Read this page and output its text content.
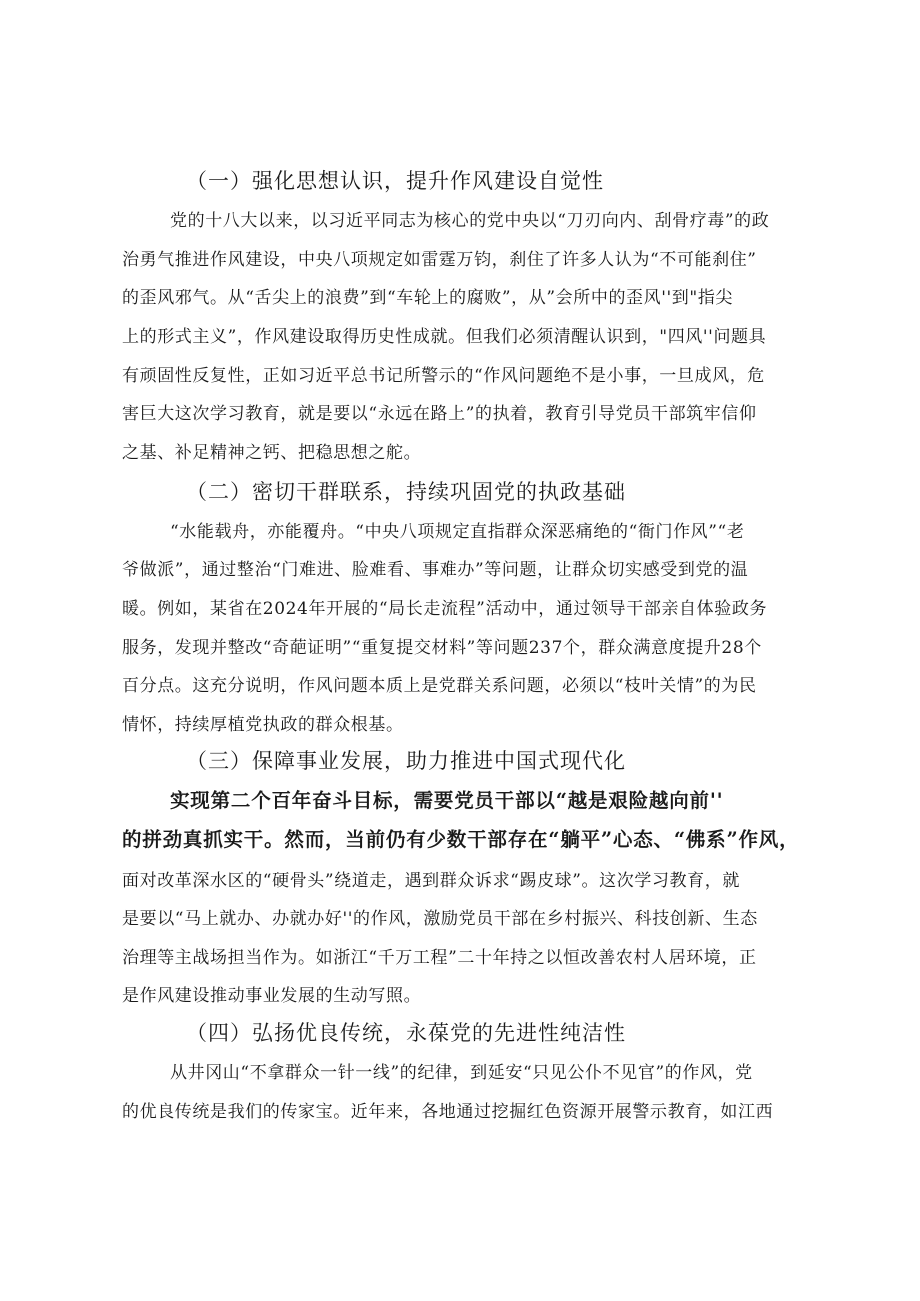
（一）强化思想认识，提升作风建设自觉性
党的十八大以来，以习近平同志为核心的党中央以“刀刃向内、刮骨疗毒”的政
治勇气推进作风建设，中央八项规定如雷霆万钧，刹住了许多人认为“不可能刹住”
的歪风邪气。从“舌尖上的浪费”到“车轮上的腐败”，从”会所中的歪风''到"指尖
上的形式主义”，作风建设取得历史性成就。但我们必须清醒认识到，"四风''问题具
有顽固性反复性，正如习近平总书记所警示的“作风问题绝不是小事，一旦成风，危
害巨大这次学习教育，就是要以“永远在路上”的执着，教育引导党员干部筑牢信仰
之基、补足精神之钙、把稳思想之舵。
（二）密切干群联系，持续巩固党的执政基础
“水能载舟，亦能覆舟。“中央八项规定直指群众深恶痛绝的“衙门作风”“老
爷做派”，通过整治“门难进、脸难看、事难办”等问题，让群众切实感受到党的温
暖。例如，某省在2024年开展的“局长走流程”活动中，通过领导干部亲自体验政务
服务，发现并整改“奇葩证明”“重复提交材料”等问题237个，群众满意度提升28个
百分点。这充分说明，作风问题本质上是党群关系问题，必须以“枝叶关情”的为民
情怀，持续厚植党执政的群众根基。
（三）保障事业发展，助力推进中国式现代化
实现第二个百年奋斗目标，需要党员干部以“越是艰险越向前''
的拼劲真抓实干。然而，当前仍有少数干部存在“躺平”心态、“佛系”作风，
面对改革深水区的“硬骨头”绕道走，遇到群众诉求“踢皮球”。这次学习教育，就
是要以“马上就办、办就办好''的作风，激励党员干部在乡村振兴、科技创新、生态
治理等主战场担当作为。如浙江“千万工程”二十年持之以恒改善农村人居环境，正
是作风建设推动事业发展的生动写照。
（四）弘扬优良传统，永葆党的先进性纯洁性
从井冈山“不拿群众一针一线”的纪律，到延安“只见公仆不见官”的作风，党
的优良传统是我们的传家宝。近年来，各地通过挖掘红色资源开展警示教育，如江西
